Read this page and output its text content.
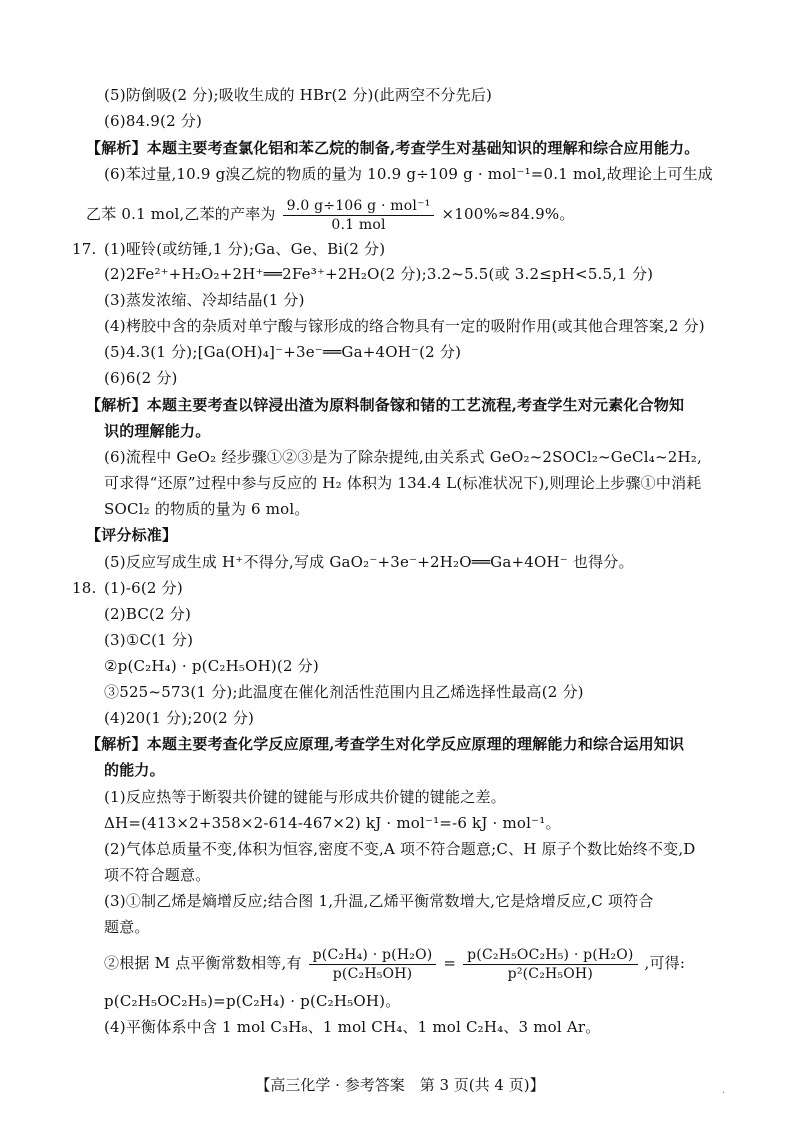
(5)防倒吸(2 分);吸收生成的 HBr(2 分)(此两空不分先后)
(6)84.9(2 分)
【解析】本题主要考查氯化铝和苯乙烷的制备,考查学生对基础知识的理解和综合应用能力。
(6)苯过量,10.9 g溴乙烷的物质的量为 10.9 g÷109 g · mol⁻¹=0.1 mol,故理论上可生成
乙苯 0.1 mol,乙苯的产率为 $\frac{\text{9.0 g÷106 g · mol⁻¹}}{\text{0.1 mol}} \times 100\%\approx 84.9\%$。
17. (1)哑铃(或纺锤,1 分);Ga、Ge、Bi(2 分)
(2)2Fe²⁺+H₂O₂+2H⁺══2Fe³⁺+2H₂O(2 分);3.2~5.5(或 3.2≤pH<5.5,1 分)
(3)蒸发浓缩、冷却结晶(1 分)
(4)栲胶中含的杂质对单宁酸与镓形成的络合物具有一定的吸附作用(或其他合理答案,2 分)
(5)4.3(1 分);[Ga(OH)₄]⁻+3e⁻══Ga+4OH⁻(2 分)
(6)6(2 分)
【解析】本题主要考查以锌浸出渣为原料制备镓和锗的工艺流程,考查学生对元素化合物知
识的理解能力。
(6)流程中 GeO₂ 经步骤①②③是为了除杂提纯,由关系式 GeO₂~2SOCl₂~GeCl₄~2H₂,
可求得“还原”过程中参与反应的 H₂ 体积为 134.4 L(标准状况下),则理论上步骤①中消耗
SOCl₂ 的物质的量为 6 mol。
【评分标准】
(5)反应写成生成 H⁺不得分,写成 GaO₂⁻+3e⁻+2H₂O══Ga+4OH⁻ 也得分。
18. (1)-6(2 分)
(2)BC(2 分)
(3)①C(1 分)
②p(C₂H₄) · p(C₂H₅OH)(2 分)
③525~573(1 分);此温度在催化剂活性范围内且乙烯选择性最高(2 分)
(4)20(1 分);20(2 分)
【解析】本题主要考查化学反应原理,考查学生对化学反应原理的理解能力和综合运用知识
的能力。
(1)反应热等于断裂共价键的键能与形成共价键的键能之差。
ΔH=(413×2+358×2-614-467×2) kJ · mol⁻¹=-6 kJ · mol⁻¹。
(2)气体总质量不变,体积为恒容,密度不变,A 项不符合题意;C、H 原子个数比始终不变,D
项不符合题意。
(3)①制乙烯是熵增反应;结合图 1,升温,乙烯平衡常数增大,它是焓增反应,C 项符合
题意。
②根据 M 点平衡常数相等,有 $\frac{\text{p(C₂H₄) · p(H₂O)}}{\text{p(C₂H₅OH)}} = \frac{\text{p(C₂H₅OC₂H₅) · p(H₂O)}}{\text{p²(C₂H₅OH)}}$ ,可得:
p(C₂H₅OC₂H₅)=p(C₂H₄) · p(C₂H₅OH)。
(4)平衡体系中含 1 mol C₃H₈、1 mol CH₄、1 mol C₂H₄、3 mol Ar。
【高三化学 · 参考答案　第 3 页(共 4 页)】	·
